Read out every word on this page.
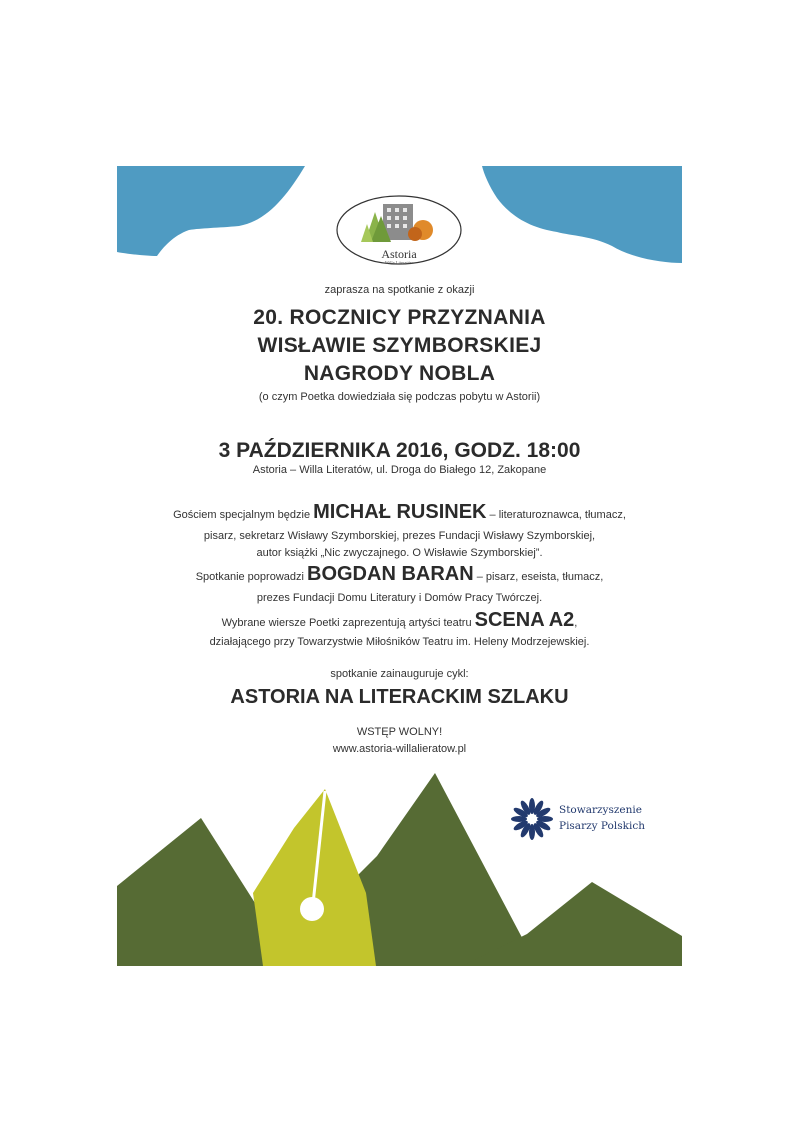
Astoria
Willa Literatów
zaprasza na spotkanie z okazji
20. ROCZNICY PRZYZNANIA
WISŁAWIE SZYMBORSKIEJ
NAGRODY NOBLA
(o czym Poetka dowiedziała się podczas pobytu w Astorii)
3 PAŹDZIERNIKA 2016, GODZ. 18:00
Astoria – Willa Literatów, ul. Droga do Białego 12, Zakopane
Gościem specjalnym będzie MICHAŁ RUSINEK – literaturoznawca, tłumacz,
pisarz, sekretarz Wisławy Szymborskiej, prezes Fundacji Wisławy Szymborskiej,
autor książki „Nic zwyczajnego. O Wisławie Szymborskiej”.
Spotkanie poprowadzi BOGDAN BARAN – pisarz, eseista, tłumacz,
prezes Fundacji Domu Literatury i Domów Pracy Twórczej.
Wybrane wiersze Poetki zaprezentują artyści teatru SCENA A2,
działającego przy Towarzystwie Miłośników Teatru im. Heleny Modrzejewskiej.
spotkanie zainauguruje cykl:
ASTORIA NA LITERACKIM SZLAKU
WSTĘP WOLNY!
www.astoria-willalieratow.pl
Stowarzyszenie
Pisarzy Polskich
